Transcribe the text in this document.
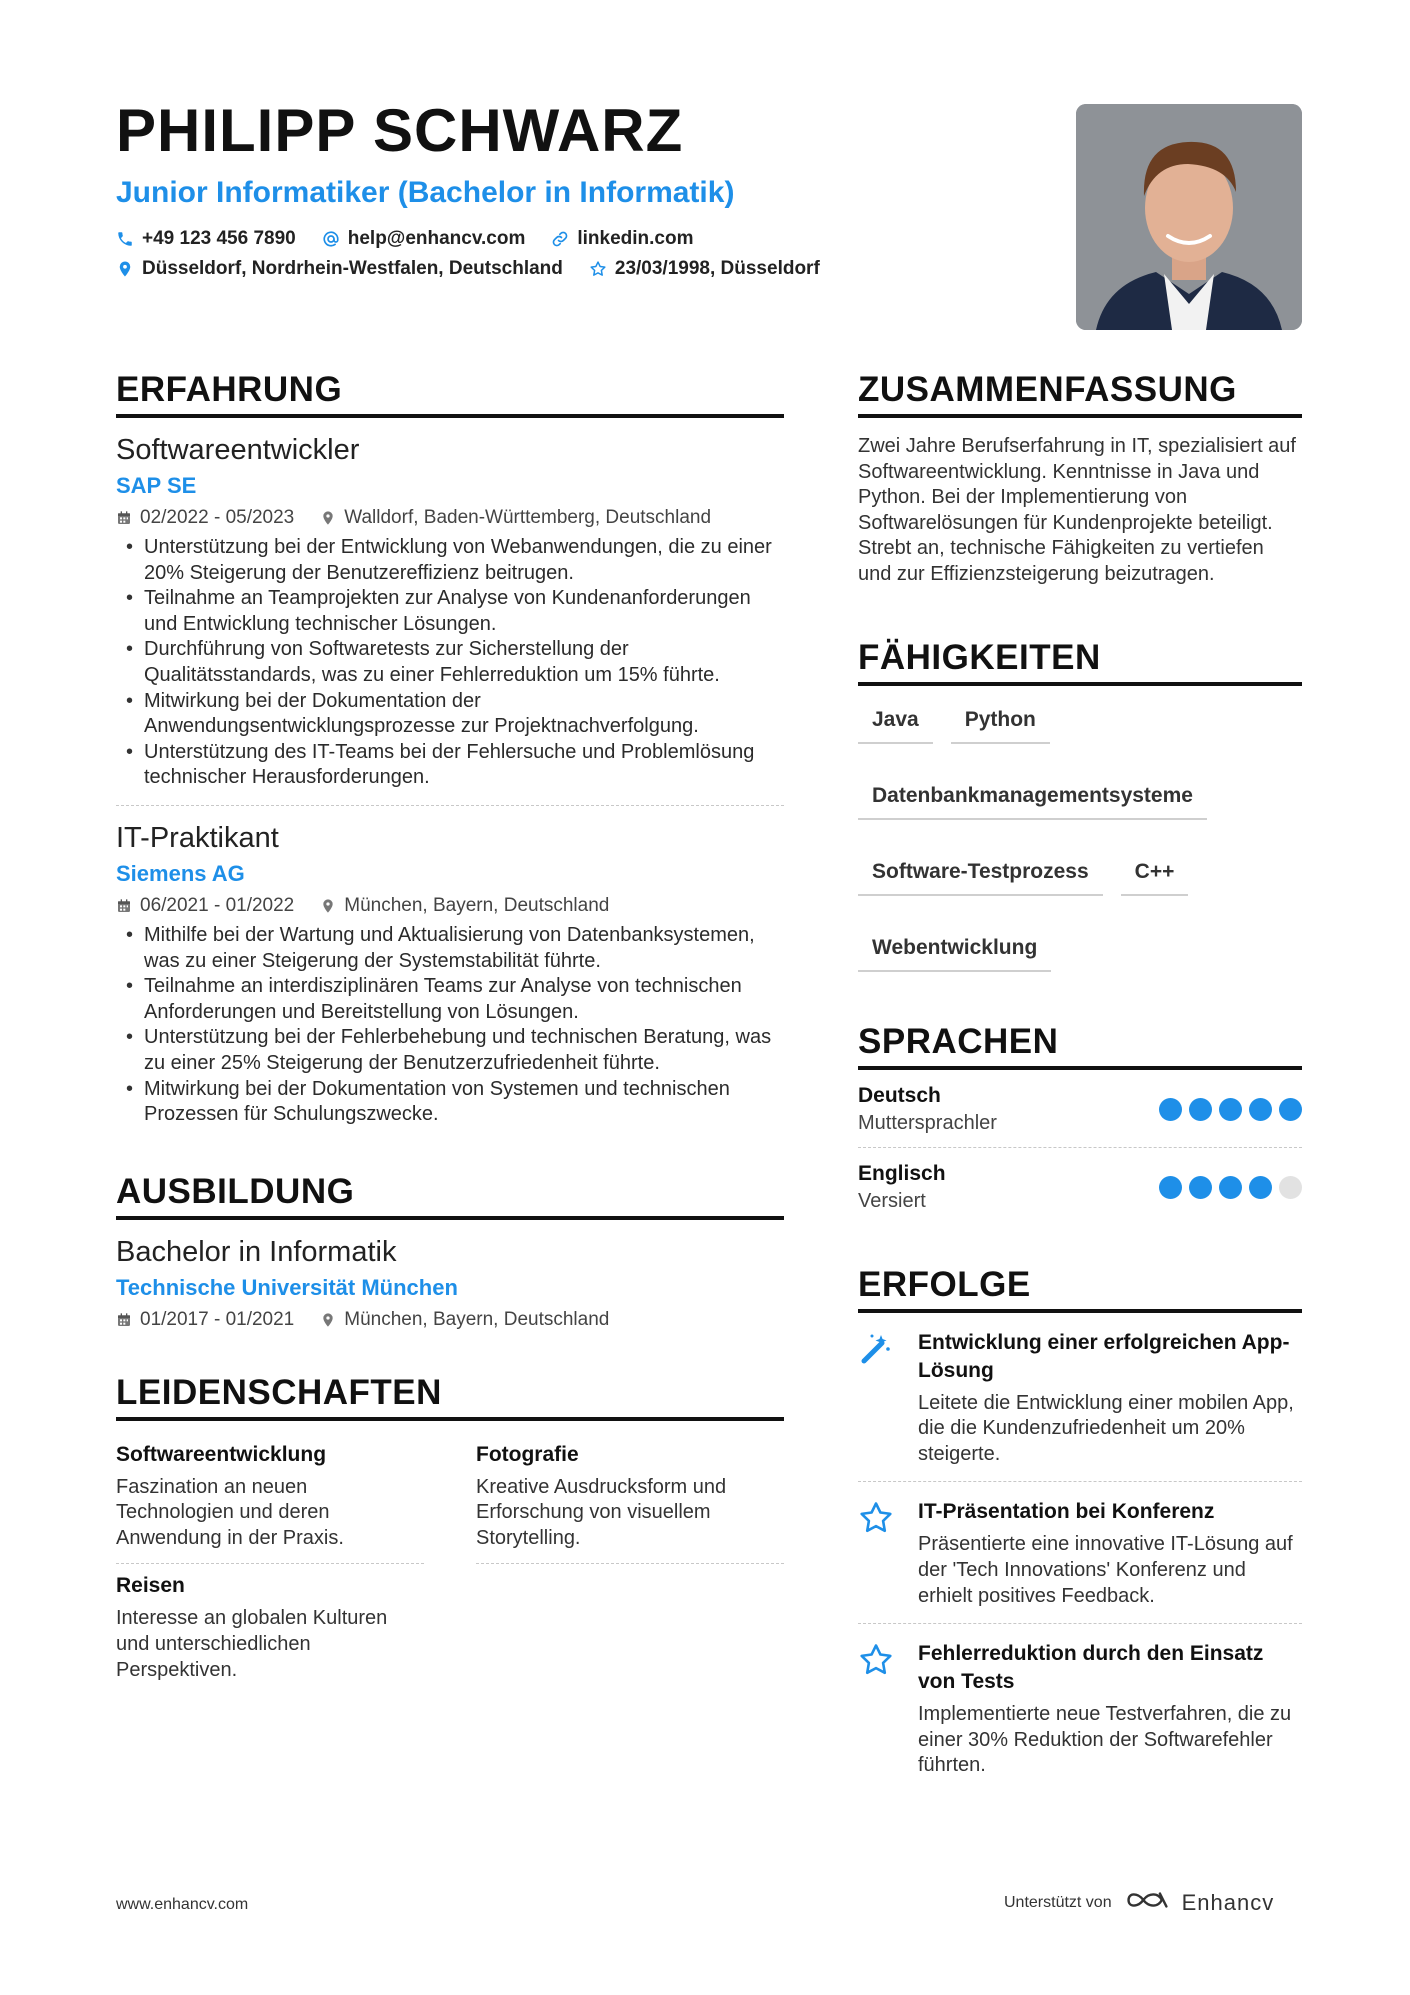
PHILIPP SCHWARZ
Junior Informatiker (Bachelor in Informatik)
+49 123 456 7890	help@enhancv.com	linkedin.com
Düsseldorf, Nordrhein-Westfalen, Deutschland	23/03/1998, Düsseldorf
ERFAHRUNG
Softwareentwickler
SAP SE
02/2022 - 05/2023	Walldorf, Baden-Württemberg, Deutschland
• Unterstützung bei der Entwicklung von Webanwendungen, die zu einer 20% Steigerung der Benutzereffizienz beitrugen.
• Teilnahme an Teamprojekten zur Analyse von Kundenanforderungen und Entwicklung technischer Lösungen.
• Durchführung von Softwaretests zur Sicherstellung der Qualitätsstandards, was zu einer Fehlerreduktion um 15% führte.
• Mitwirkung bei der Dokumentation der Anwendungsentwicklungsprozesse zur Projektnachverfolgung.
• Unterstützung des IT-Teams bei der Fehlersuche und Problemlösung technischer Herausforderungen.
IT-Praktikant
Siemens AG
06/2021 - 01/2022	München, Bayern, Deutschland
• Mithilfe bei der Wartung und Aktualisierung von Datenbanksystemen, was zu einer Steigerung der Systemstabilität führte.
• Teilnahme an interdisziplinären Teams zur Analyse von technischen Anforderungen und Bereitstellung von Lösungen.
• Unterstützung bei der Fehlerbehebung und technischen Beratung, was zu einer 25% Steigerung der Benutzerzufriedenheit führte.
• Mitwirkung bei der Dokumentation von Systemen und technischen Prozessen für Schulungszwecke.
AUSBILDUNG
Bachelor in Informatik
Technische Universität München
01/2017 - 01/2021	München, Bayern, Deutschland
LEIDENSCHAFTEN
Softwareentwicklung
Faszination an neuen Technologien und deren Anwendung in der Praxis.
Fotografie
Kreative Ausdrucksform und Erforschung von visuellem Storytelling.
Reisen
Interesse an globalen Kulturen und unterschiedlichen Perspektiven.
ZUSAMMENFASSUNG
Zwei Jahre Berufserfahrung in IT, spezialisiert auf Softwareentwicklung. Kenntnisse in Java und Python. Bei der Implementierung von Softwarelösungen für Kundenprojekte beteiligt. Strebt an, technische Fähigkeiten zu vertiefen und zur Effizienzsteigerung beizutragen.
FÄHIGKEITEN
Java	Python
Datenbankmanagementsysteme
Software-Testprozess	C++
Webentwicklung
SPRACHEN
Deutsch
Muttersprachler
Englisch
Versiert
ERFOLGE
Entwicklung einer erfolgreichen App-Lösung
Leitete die Entwicklung einer mobilen App, die die Kundenzufriedenheit um 20% steigerte.
IT-Präsentation bei Konferenz
Präsentierte eine innovative IT-Lösung auf der 'Tech Innovations' Konferenz und erhielt positives Feedback.
Fehlerreduktion durch den Einsatz von Tests
Implementierte neue Testverfahren, die zu einer 30% Reduktion der Softwarefehler führten.
www.enhancv.com	Unterstützt von	Enhancv
